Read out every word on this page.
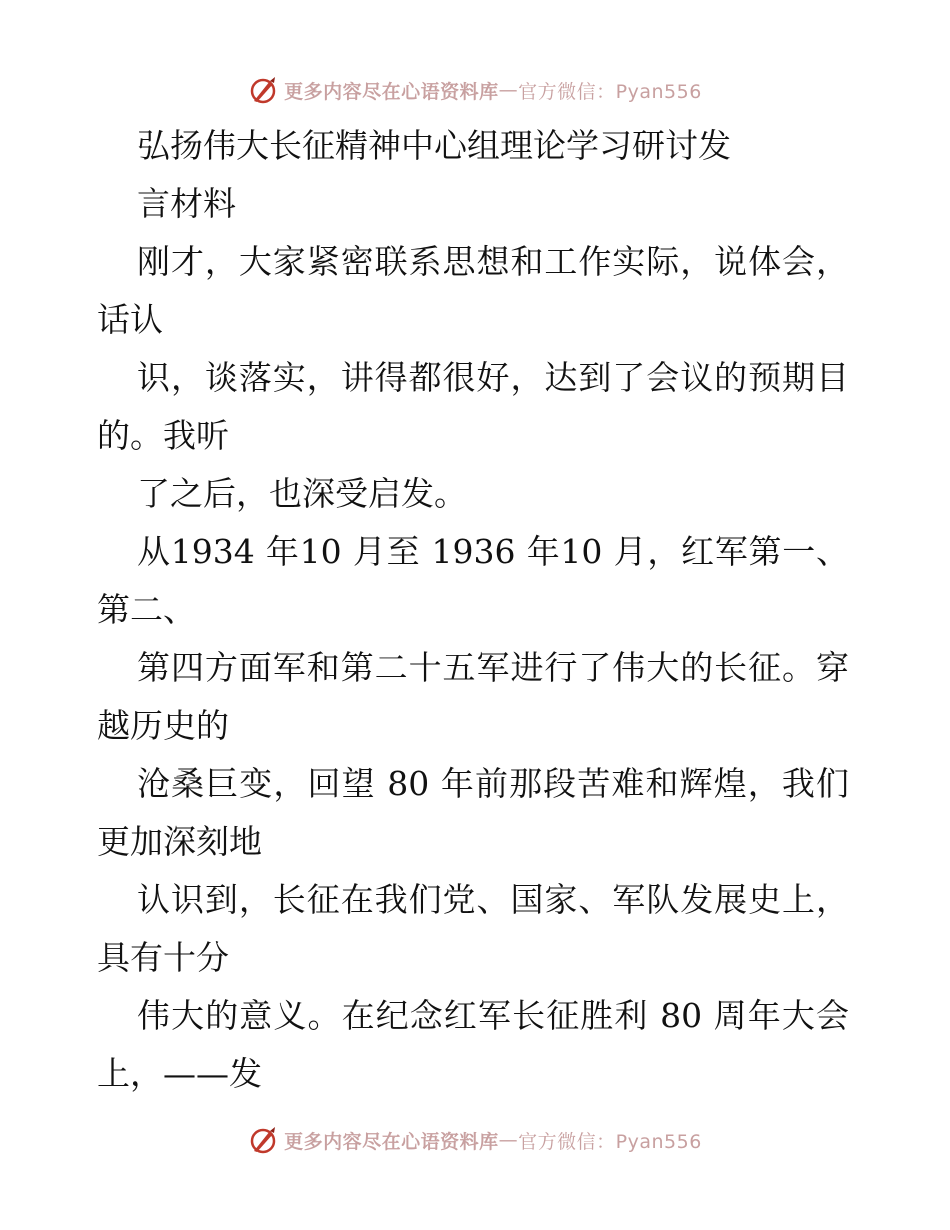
更多内容尽在心语资料库 — 官方微信：Pyan556
弘扬伟大长征精神中心组理论学习研讨发
言材料
刚才，大家紧密联系思想和工作实际，说体会，
话认
识，谈落实，讲得都很好，达到了会议的预期目
的。我听
了之后，也深受启发。
从1934 年10 月至 1936 年10 月，红军第一、
第二、
第四方面军和第二十五军进行了伟大的长征。穿
越历史的
沧桑巨变，回望 80 年前那段苦难和辉煌，我们
更加深刻地
认识到，长征在我们党、国家、军队发展史上，
具有十分
伟大的意义。在纪念红军长征胜利 80 周年大会
上，——发
更多内容尽在心语资料库 — 官方微信：Pyan556
